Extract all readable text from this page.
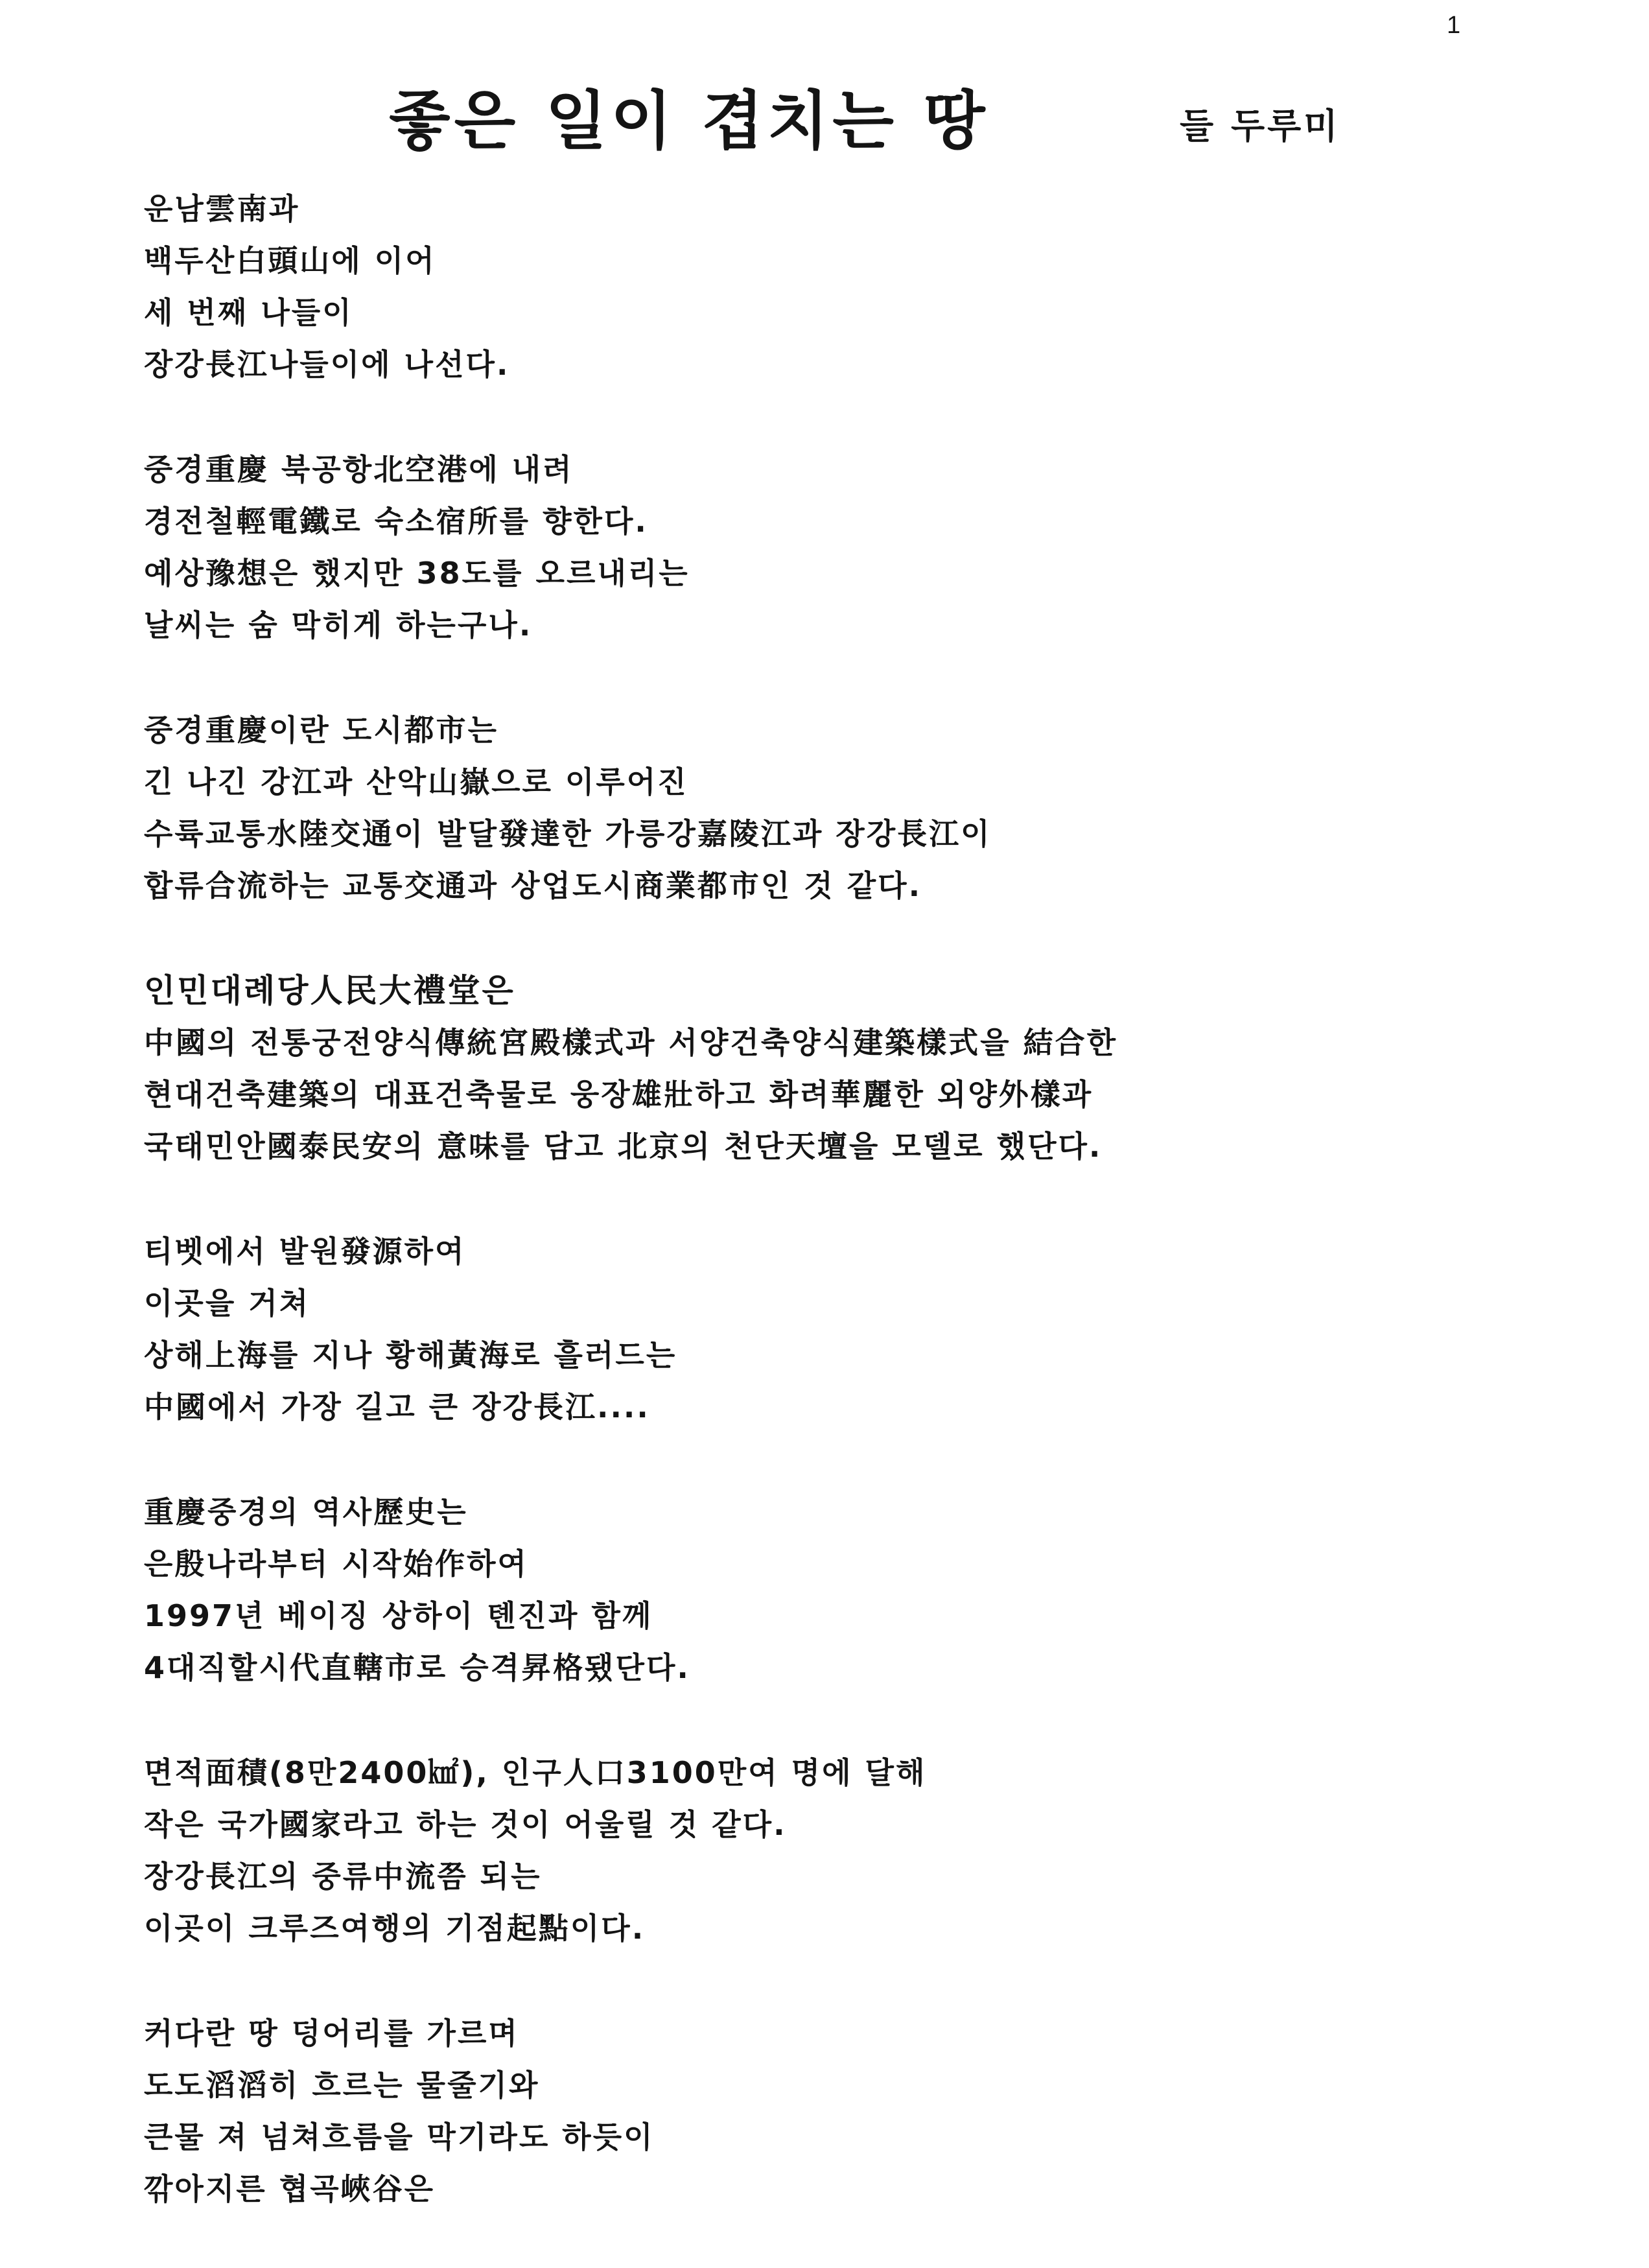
1
좋은 일이 겹치는 땅	들 두루미
운남雲南과
백두산白頭山에 이어
세 번째 나들이
장강長江나들이에 나선다.
중경重慶 북공항北空港에 내려
경전철輕電鐵로 숙소宿所를 향한다.
예상豫想은 했지만 38도를 오르내리는
날씨는 숨 막히게 하는구나.
중경重慶이란 도시都市는
긴 나긴 강江과 산악山嶽으로 이루어진
수륙교통水陸交通이 발달發達한 가릉강嘉陵江과 장강長江이
합류合流하는 교통交通과 상업도시商業都市인 것 같다.
인민대례당人民大禮堂은
中國의 전통궁전양식傳統宮殿樣式과 서양건축양식建築樣式을 結合한
현대건축建築의 대표건축물로 웅장雄壯하고 화려華麗한 외양外樣과
국태민안國泰民安의 意味를 담고 北京의 천단天壇을 모델로 했단다.
티벳에서 발원發源하여
이곳을 거쳐
상해上海를 지나 황해黃海로 흘러드는
中國에서 가장 길고 큰 장강長江....
重慶중경의 역사歷史는
은殷나라부터 시작始作하여
1997년 베이징 상하이 톈진과 함께
4대직할시代直轄市로 승격昇格됐단다.
면적面積(8만2400㎢), 인구人口3100만여 명에 달해
작은 국가國家라고 하는 것이 어울릴 것 같다.
장강長江의 중류中流쯤 되는
이곳이 크루즈여행의 기점起點이다.
커다란 땅 덩어리를 가르며
도도滔滔히 흐르는 물줄기와
큰물 져 넘쳐흐름을 막기라도 하듯이
깎아지른 협곡峽谷은
